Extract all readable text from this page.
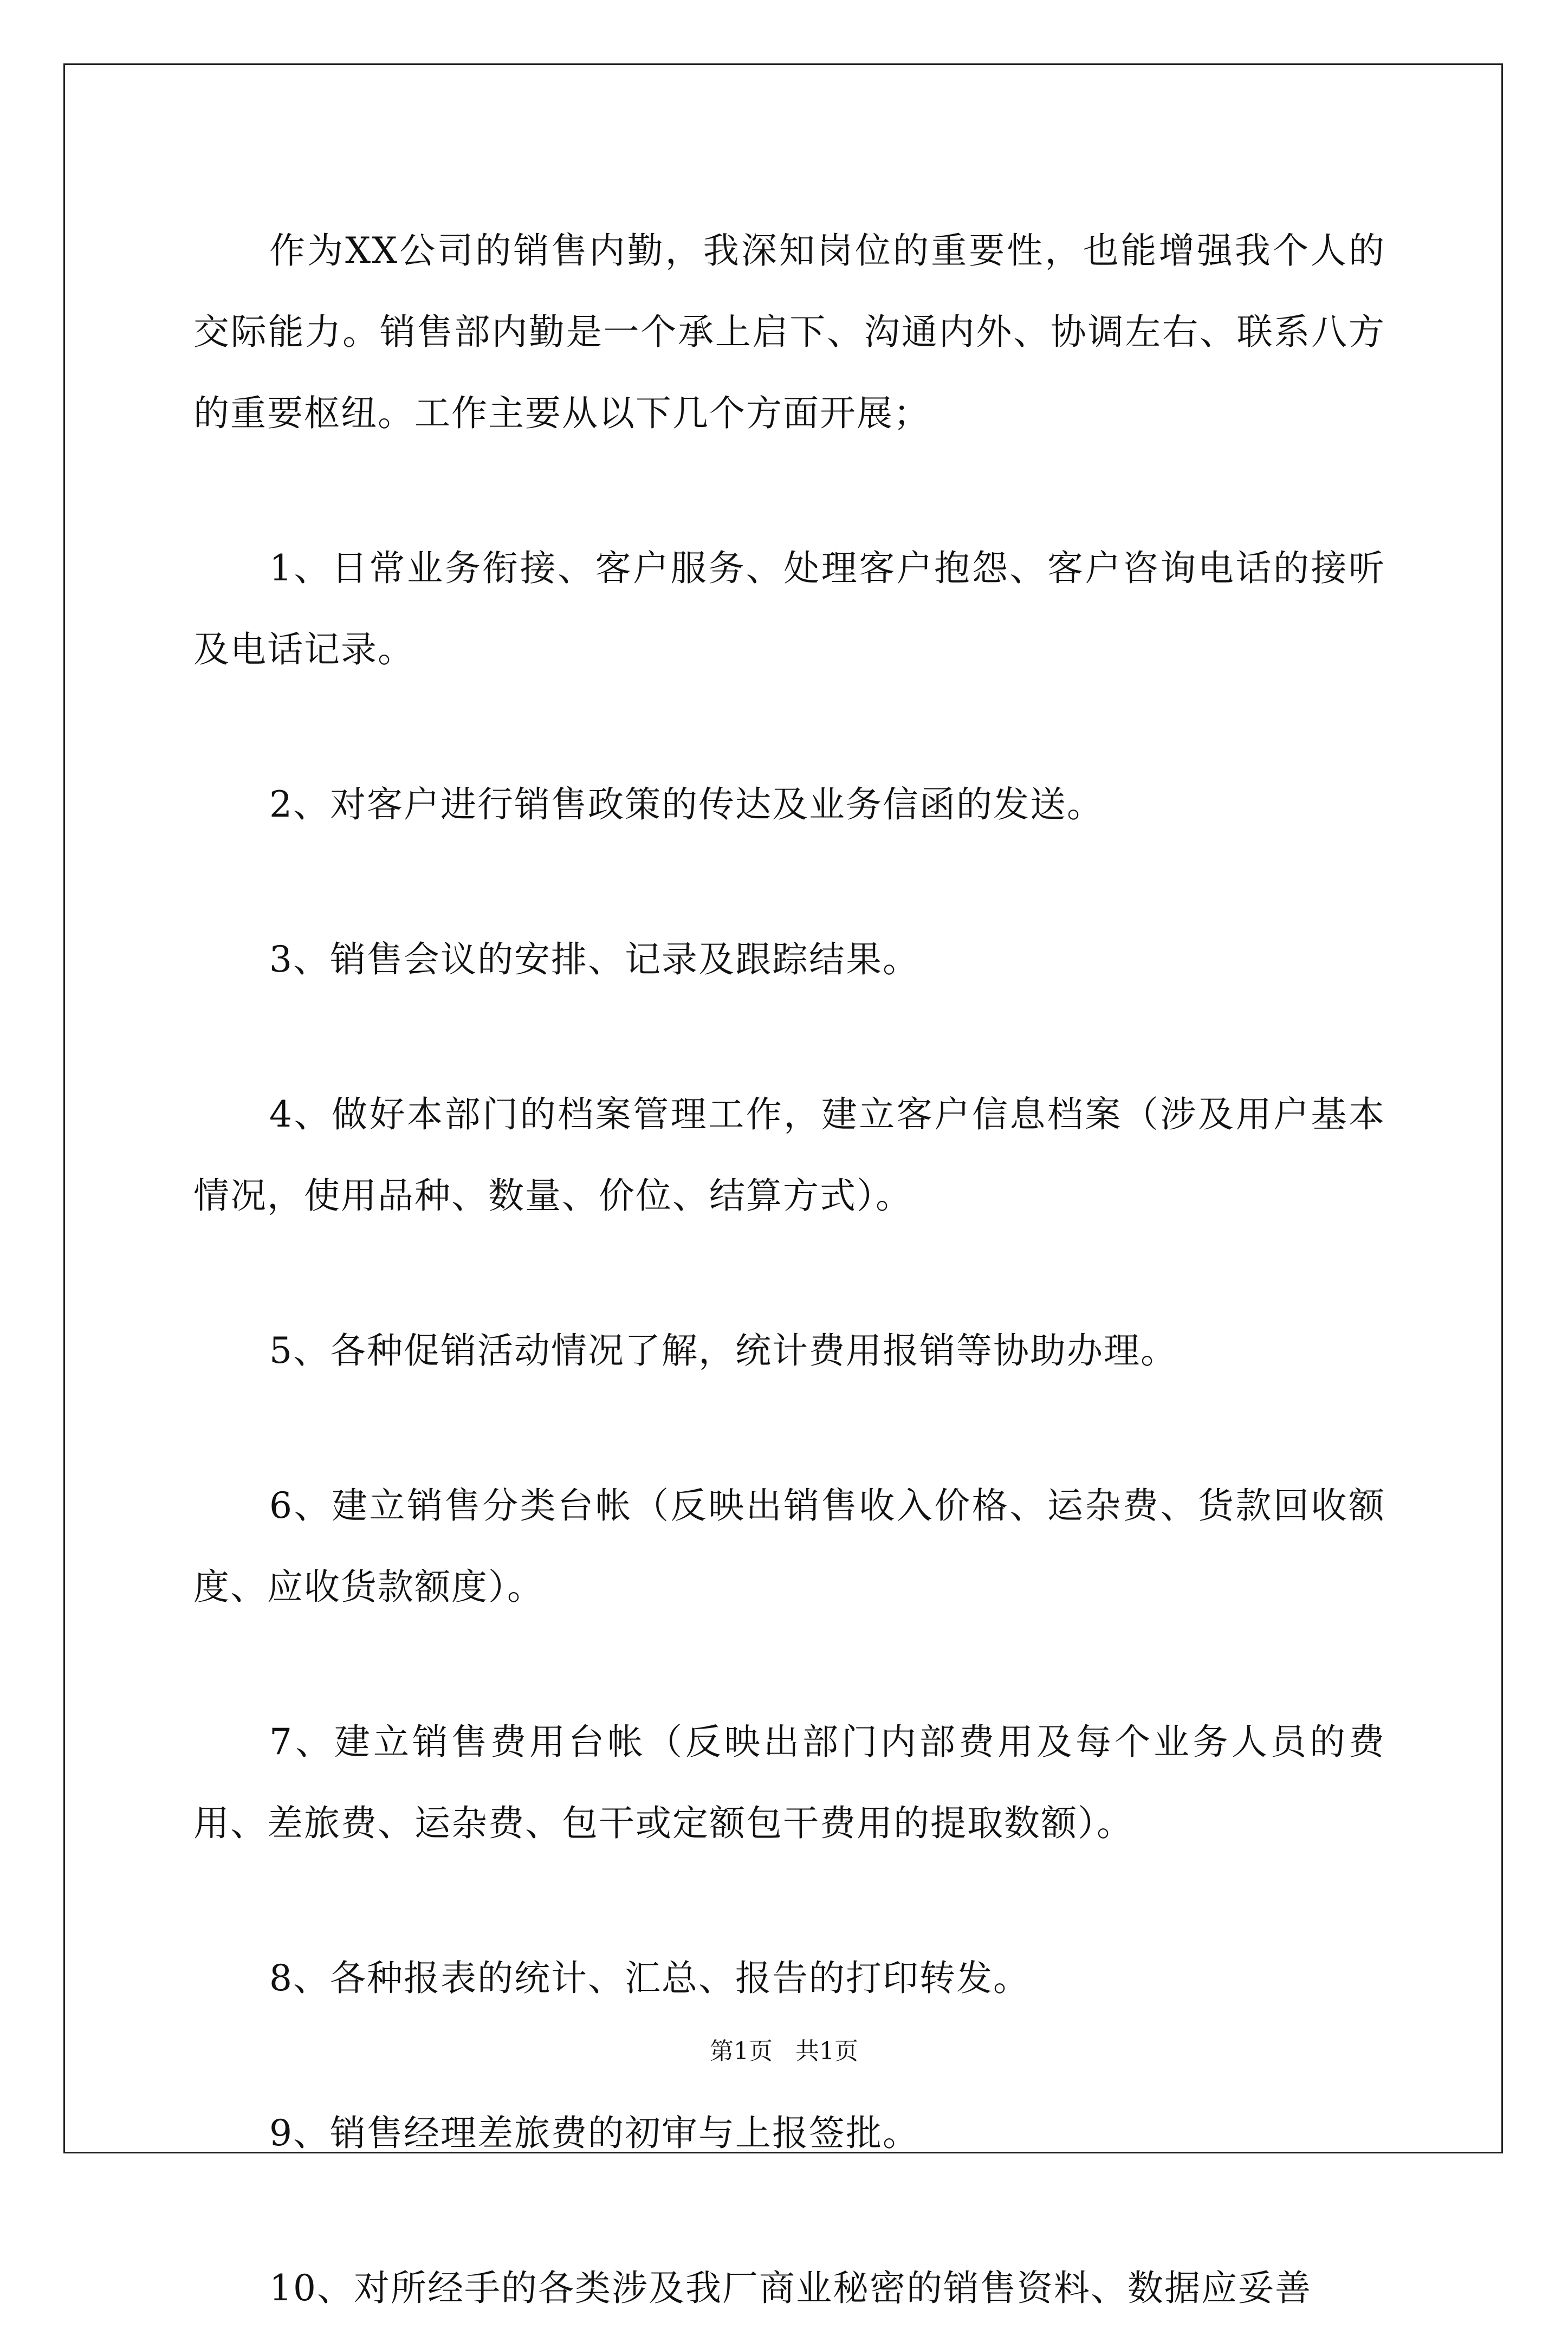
作为XX公司的销售内勤，我深知岗位的重要性，也能增强我个人的交际能力。销售部内勤是一个承上启下、沟通内外、协调左右、联系八方的重要枢纽。工作主要从以下几个方面开展；

1、日常业务衔接、客户服务、处理客户抱怨、客户咨询电话的接听及电话记录。

2、对客户进行销售政策的传达及业务信函的发送。

3、销售会议的安排、记录及跟踪结果。

4、做好本部门的档案管理工作，建立客户信息档案（涉及用户基本情况，使用品种、数量、价位、结算方式）。

5、各种促销活动情况了解，统计费用报销等协助办理。

6、建立销售分类台帐（反映出销售收入价格、运杂费、货款回收额度、应收货款额度）。

7、建立销售费用台帐（反映出部门内部费用及每个业务人员的费用、差旅费、运杂费、包干或定额包干费用的提取数额）。

8、各种报表的统计、汇总、报告的打印转发。

9、销售经理差旅费的初审与上报签批。

10、对所经手的各类涉及我厂商业秘密的销售资料、数据应妥善

第1页   共1页
